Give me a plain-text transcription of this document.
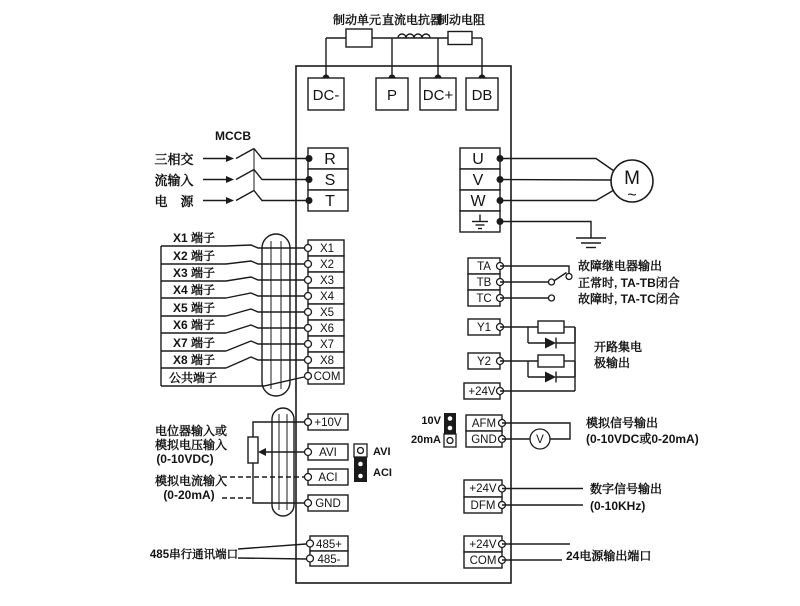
制动单元 直流电抗器
制动电阻
DC-	P DC+ DB
MCCB
三相交
流输入
电　源
R
S
T
U
V
W
M
~
X1 端子
X2 端子
X3 端子
X4 端子
X5 端子
X6 端子
X7 端子
X8 端子
公共端子
X1
X2
X3
X4
X5
X6
X7
X8
COM
TA
TB
TC
故障继电器输出
正常时, TA-TB闭合
故障时, TA-TC闭合
Y1
Y2
+24V
开路集电
极输出
10V
20mA
AFM
GND	V
模拟信号输出
(0-10VDC或0-20mA)
+24V
DFM
数字信号输出
(0-10KHz)
+24V
COM	24电源输出端口
电位器输入或
模拟电压输入
(0-10VDC)
模拟电流输入
(0-20mA)
+10V
AVI
ACI
GND
AVI
ACI
485串行通讯端口
485+
485-
